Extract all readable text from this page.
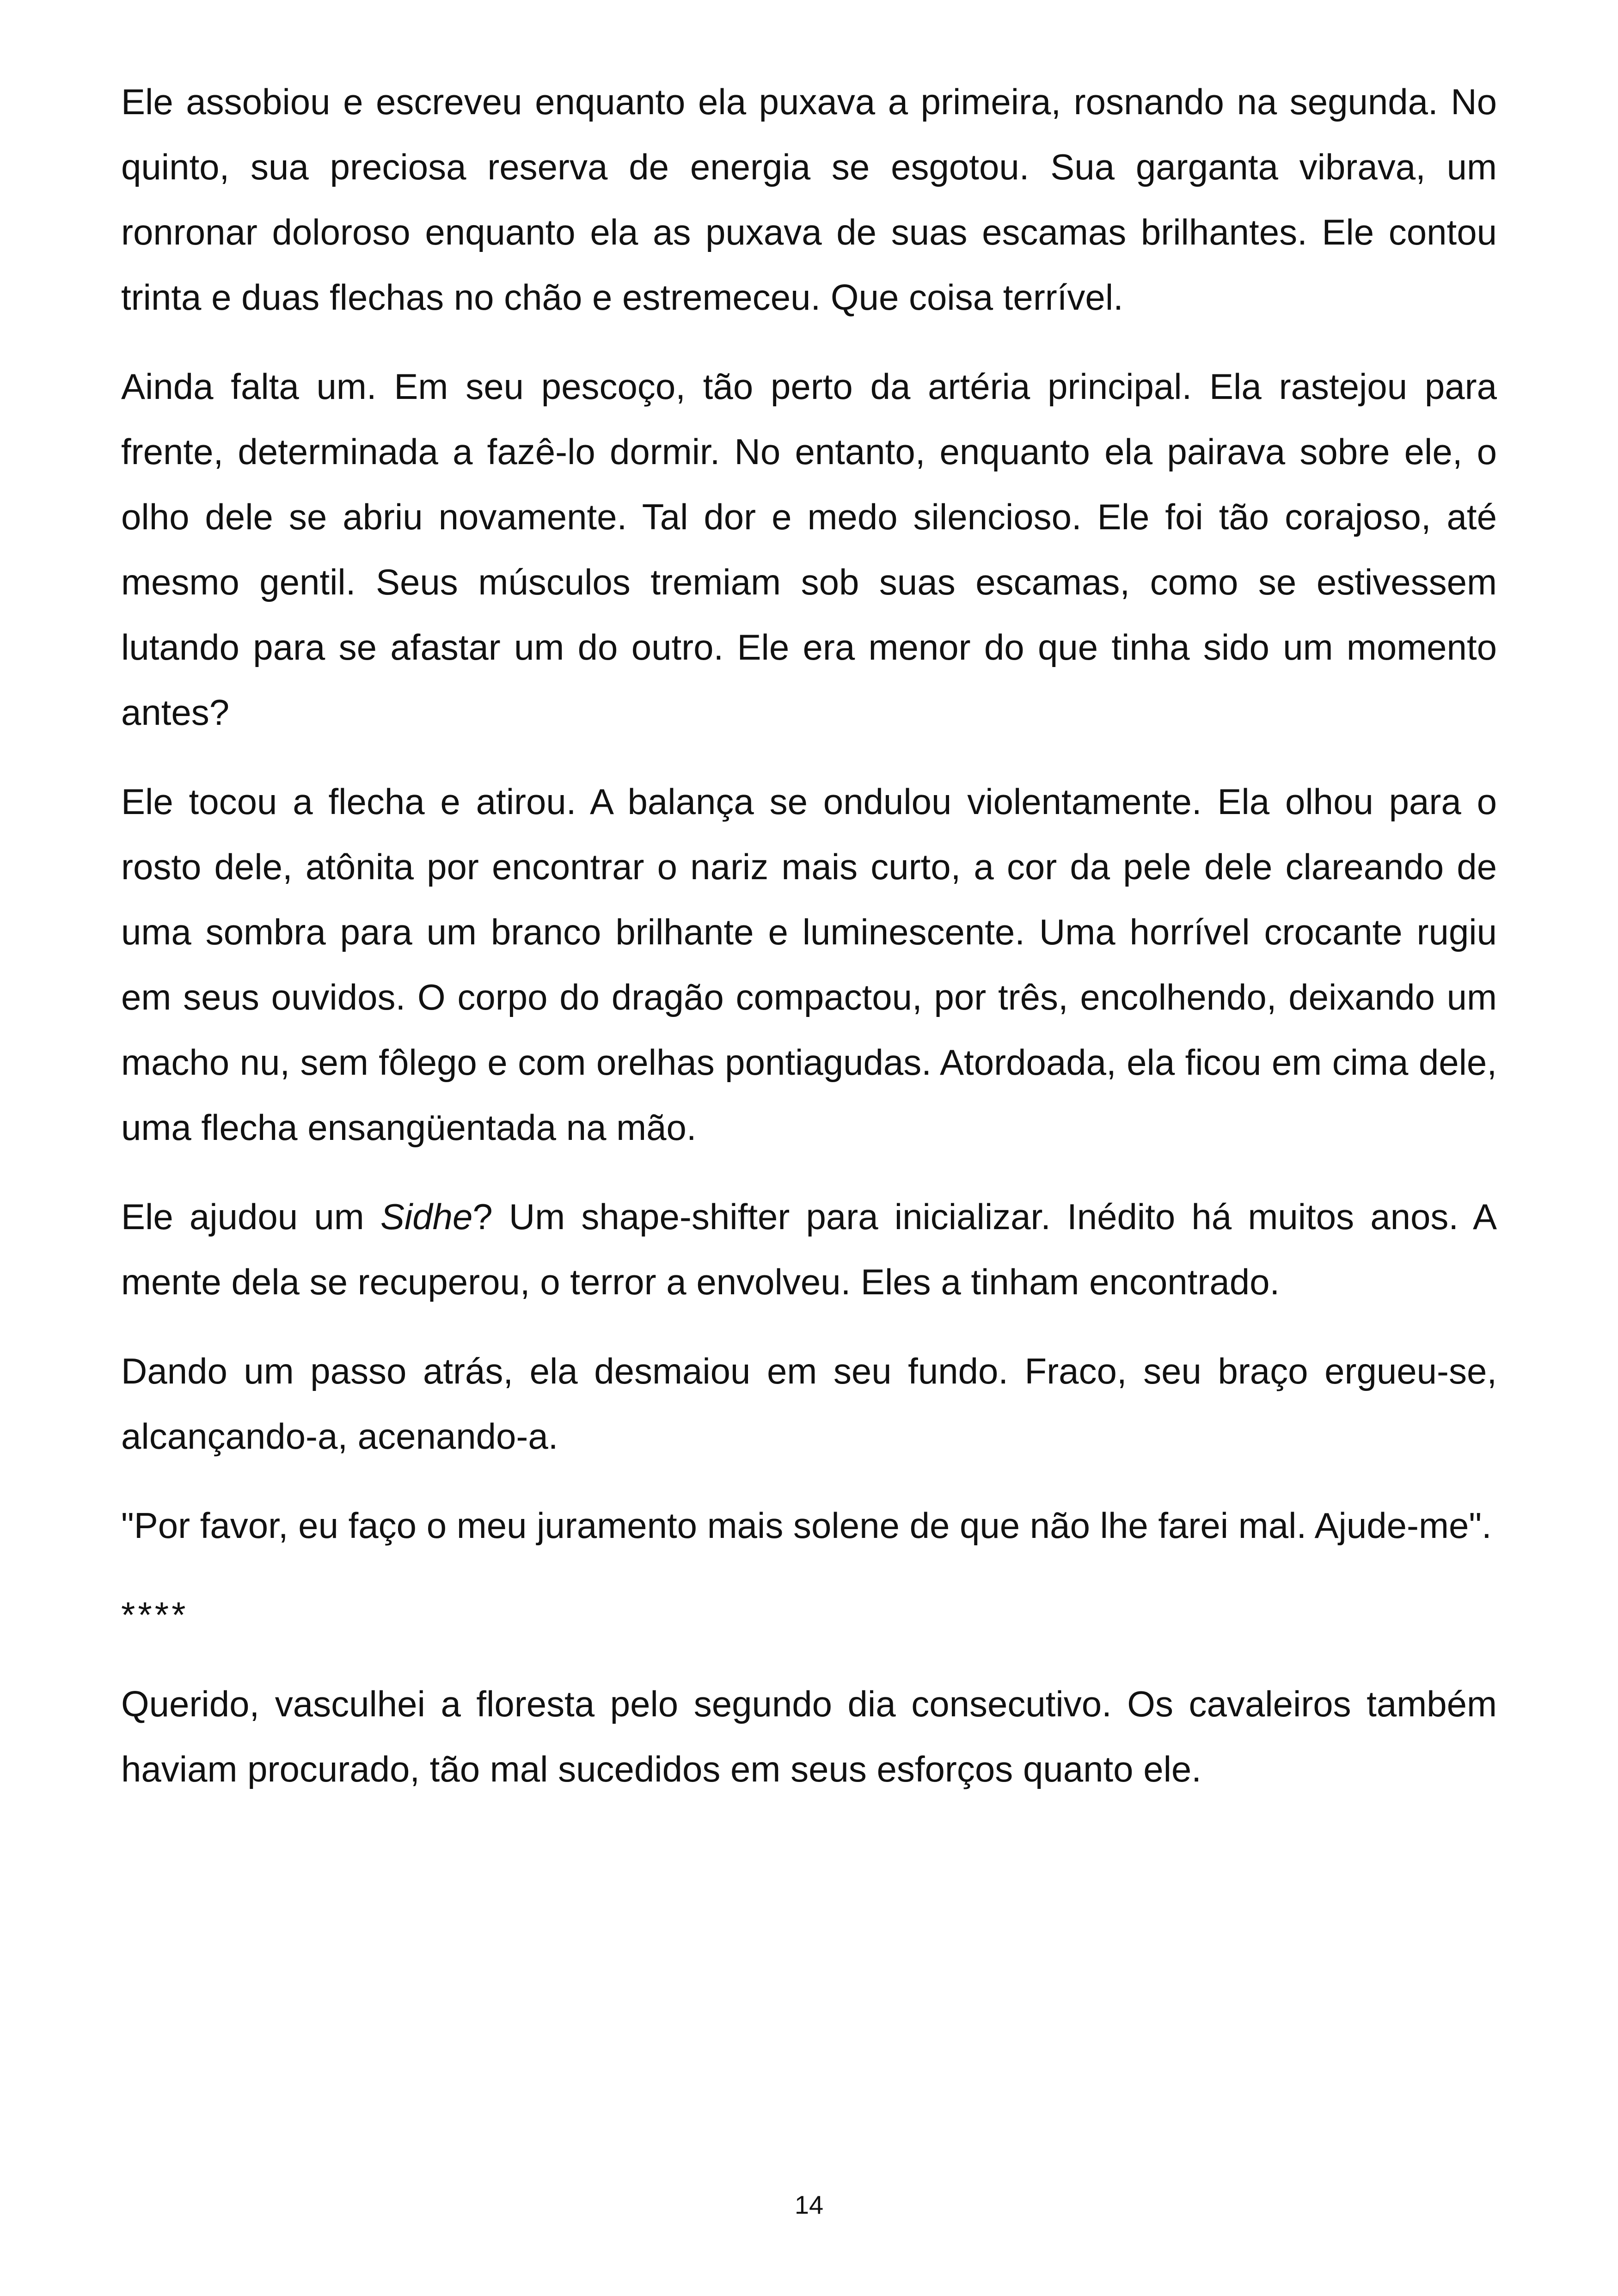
Ele assobiou e escreveu enquanto ela puxava a primeira, rosnando na segunda. No quinto, sua preciosa reserva de energia se esgotou. Sua garganta vibrava, um ronronar doloroso enquanto ela as puxava de suas escamas brilhantes. Ele contou trinta e duas flechas no chão e estremeceu. Que coisa terrível.

Ainda falta um. Em seu pescoço, tão perto da artéria principal. Ela rastejou para frente, determinada a fazê-lo dormir. No entanto, enquanto ela pairava sobre ele, o olho dele se abriu novamente. Tal dor e medo silencioso. Ele foi tão corajoso, até mesmo gentil. Seus músculos tremiam sob suas escamas, como se estivessem lutando para se afastar um do outro. Ele era menor do que tinha sido um momento antes?

Ele tocou a flecha e atirou. A balança se ondulou violentamente. Ela olhou para o rosto dele, atônita por encontrar o nariz mais curto, a cor da pele dele clareando de uma sombra para um branco brilhante e luminescente. Uma horrível crocante rugiu em seus ouvidos. O corpo do dragão compactou, por três, encolhendo, deixando um macho nu, sem fôlego e com orelhas pontiagudas. Atordoada, ela ficou em cima dele, uma flecha ensangüentada na mão.

Ele ajudou um Sidhe? Um shape-shifter para inicializar. Inédito há muitos anos. A mente dela se recuperou, o terror a envolveu. Eles a tinham encontrado.

Dando um passo atrás, ela desmaiou em seu fundo. Fraco, seu braço ergueu-se, alcançando-a, acenando-a.

"Por favor, eu faço o meu juramento mais solene de que não lhe farei mal. Ajude-me".

****

Querido, vasculhei a floresta pelo segundo dia consecutivo. Os cavaleiros também haviam procurado, tão mal sucedidos em seus esforços quanto ele.

14
